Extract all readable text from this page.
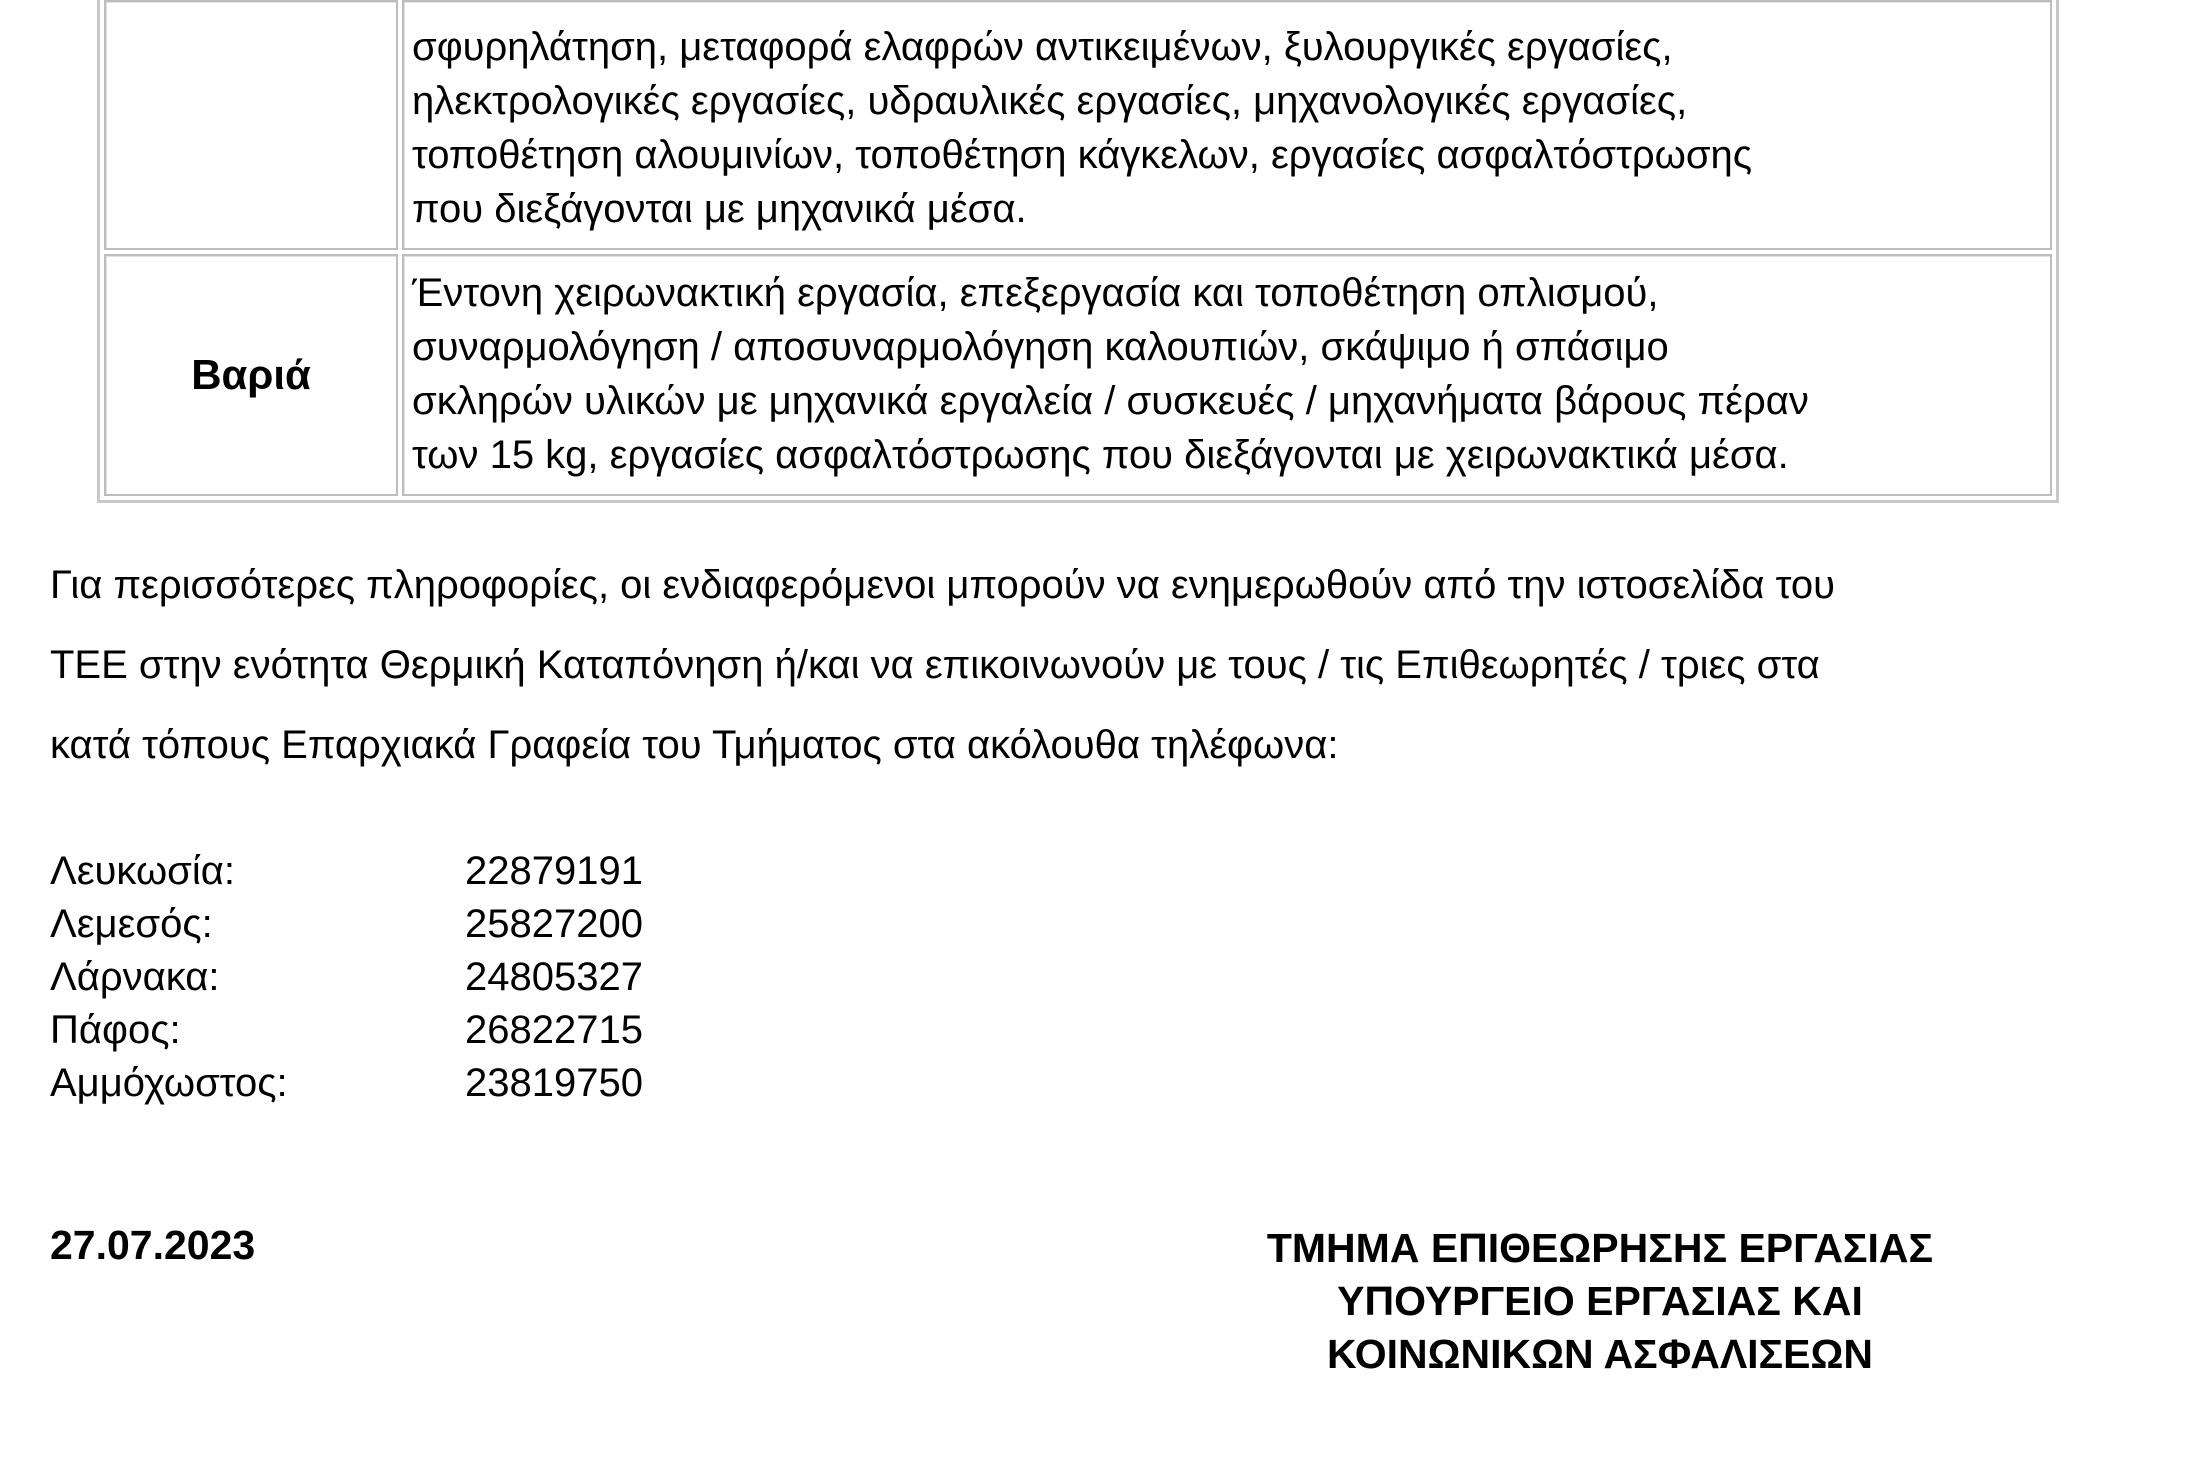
	σφυρηλάτηση, μεταφορά ελαφρών αντικειμένων, ξυλουργικές εργασίες,
ηλεκτρολογικές εργασίες, υδραυλικές εργασίες, μηχανολογικές εργασίες,
τοποθέτηση αλουμινίων, τοποθέτηση κάγκελων, εργασίες ασφαλτόστρωσης
που διεξάγονται με μηχανικά μέσα.

Βαριά	Έντονη χειρωνακτική εργασία, επεξεργασία και τοποθέτηση οπλισμού,
συναρμολόγηση / αποσυναρμολόγηση καλουπιών, σκάψιμο ή σπάσιμο
σκληρών υλικών με μηχανικά εργαλεία / συσκευές / μηχανήματα βάρους πέραν
των 15 kg, εργασίες ασφαλτόστρωσης που διεξάγονται με χειρωνακτικά μέσα.
Για περισσότερες πληροφορίες, οι ενδιαφερόμενοι μπορούν να ενημερωθούν από την ιστοσελίδα του
ΤΕΕ στην ενότητα Θερμική Καταπόνηση ή/και να επικοινωνούν με τους / τις Επιθεωρητές / τριες στα
κατά τόπους Επαρχιακά Γραφεία του Τμήματος στα ακόλουθα τηλέφωνα:
Λευκωσία:	22879191
Λεμεσός:	25827200
Λάρνακα:	24805327
Πάφος:	26822715
Αμμόχωστος:	23819750
27.07.2023	ΤΜΗΜΑ ΕΠΙΘΕΩΡΗΣΗΣ ΕΡΓΑΣΙΑΣ
ΥΠΟΥΡΓΕΙΟ ΕΡΓΑΣΙΑΣ ΚΑΙ
ΚΟΙΝΩΝΙΚΩΝ ΑΣΦΑΛΙΣΕΩΝ
